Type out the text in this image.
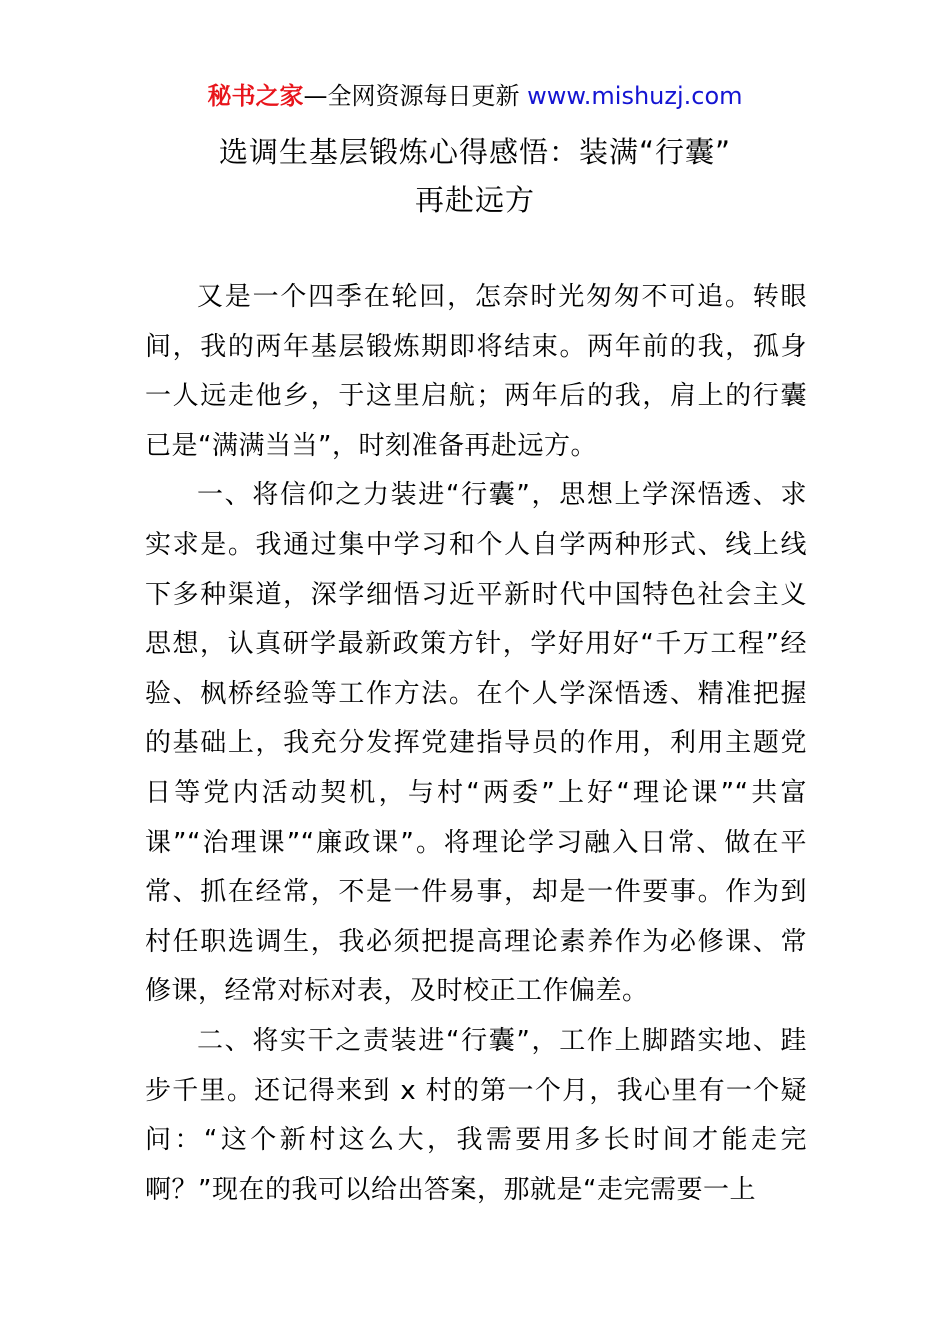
秘书之家—全网资源每日更新 www.mishuzj.com
选调生基层锻炼心得感悟：装满“行囊”
再赴远方

又是一个四季在轮回，怎奈时光匆匆不可追。转眼间，我的两年基层锻炼期即将结束。两年前的我，孤身一人远走他乡，于这里启航；两年后的我，肩上的行囊已是“满满当当”，时刻准备再赴远方。

一、将信仰之力装进“行囊”，思想上学深悟透、求实求是。我通过集中学习和个人自学两种形式、线上线下多种渠道，深学细悟习近平新时代中国特色社会主义思想，认真研学最新政策方针，学好用好“千万工程”经验、枫桥经验等工作方法。在个人学深悟透、精准把握的基础上，我充分发挥党建指导员的作用，利用主题党日等党内活动契机，与村“两委”上好“理论课”“共富课”“治理课”“廉政课”。将理论学习融入日常、做在平常、抓在经常，不是一件易事，却是一件要事。作为到村任职选调生，我必须把提高理论素养作为必修课、常修课，经常对标对表，及时校正工作偏差。

二、将实干之责装进“行囊”，工作上脚踏实地、跬步千里。还记得来到 x 村的第一个月，我心里有一个疑问：“这个新村这么大，我需要用多长时间才能走完啊？”现在的我可以给出答案，那就是“走完需要一上
